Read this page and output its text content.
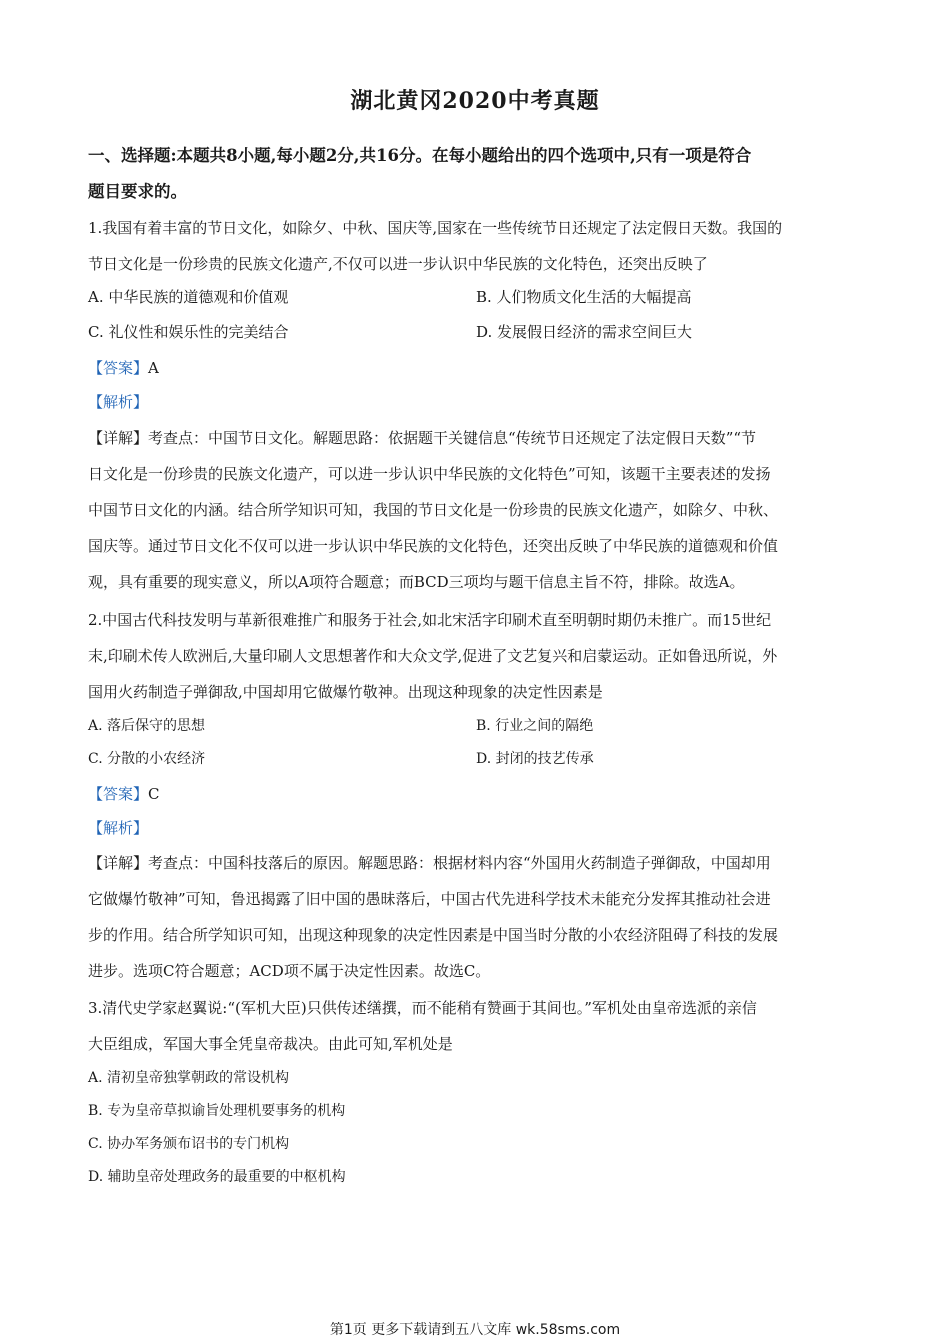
湖北黄冈2020中考真题
一、选择题:本题共8小题,每小题2分,共16分。在每小题给出的四个选项中,只有一项是符合
题目要求的。
1.我国有着丰富的节日文化，如除夕、中秋、国庆等,国家在一些传统节日还规定了法定假日天数。我国的
节日文化是一份珍贵的民族文化遗产,不仅可以进一步认识中华民族的文化特色，还突出反映了
A. 中华民族的道德观和价值观	B. 人们物质文化生活的大幅提高
C. 礼仪性和娱乐性的完美结合	D. 发展假日经济的需求空间巨大
【答案】A
【解析】
【详解】考查点：中国节日文化。解题思路：依据题干关键信息“传统节日还规定了法定假日天数”“节
日文化是一份珍贵的民族文化遗产，可以进一步认识中华民族的文化特色”可知，该题干主要表述的发扬
中国节日文化的内涵。结合所学知识可知，我国的节日文化是一份珍贵的民族文化遗产，如除夕、中秋、
国庆等。通过节日文化不仅可以进一步认识中华民族的文化特色，还突出反映了中华民族的道德观和价值
观，具有重要的现实意义，所以A项符合题意；而BCD三项均与题干信息主旨不符，排除。故选A。
2.中国古代科技发明与革新很难推广和服务于社会,如北宋活字印刷术直至明朝时期仍未推广。而15世纪
末,印刷术传人欧洲后,大量印刷人文思想著作和大众文学,促进了文艺复兴和启蒙运动。正如鲁迅所说，外
国用火药制造子弹御敌,中国却用它做爆竹敬神。出现这种现象的决定性因素是
A. 落后保守的思想	B. 行业之间的隔绝
C. 分散的小农经济	D. 封闭的技艺传承
【答案】C
【解析】
【详解】考查点：中国科技落后的原因。解题思路：根据材料内容“外国用火药制造子弹御敌，中国却用
它做爆竹敬神”可知，鲁迅揭露了旧中国的愚昧落后，中国古代先进科学技术未能充分发挥其推动社会进
步的作用。结合所学知识可知，出现这种现象的决定性因素是中国当时分散的小农经济阻碍了科技的发展
进步。选项C符合题意；ACD项不属于决定性因素。故选C。
3.清代史学家赵翼说:“(军机大臣)只供传述缮撰，而不能稍有赞画于其间也。”军机处由皇帝选派的亲信
大臣组成，军国大事全凭皇帝裁决。由此可知,军机处是
A. 清初皇帝独掌朝政的常设机构
B. 专为皇帝草拟谕旨处理机要事务的机构
C. 协办军务颁布诏书的专门机构
D. 辅助皇帝处理政务的最重要的中枢机构
第1页 更多下载请到五八文库 wk.58sms.com
